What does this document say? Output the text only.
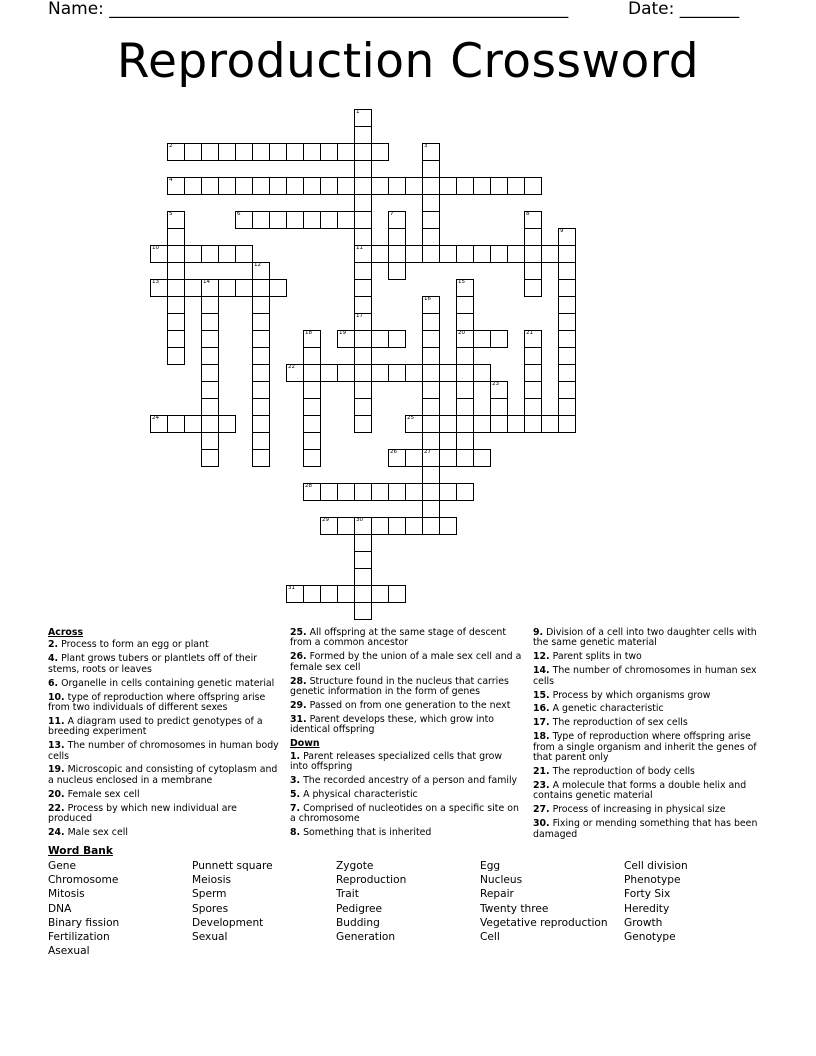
Name: ______________________________________________________	Date: _______
Reproduction Crossword
1
11
17
2	3
4
5	6	7	8
9
10
12
13	14	15
20
16
27
18	19	21
22
23
24	25
26
28
29	30
31
Across
2. Process to form an egg or plant
4. Plant grows tubers or plantlets off of their stems, roots or leaves
6. Organelle in cells containing genetic material
10. type of reproduction where offspring arise from two individuals of different sexes
11. A diagram used to predict genotypes of a breeding experiment
13. The number of chromosomes in human body cells
19. Microscopic and consisting of cytoplasm and a nucleus enclosed in a membrane
20. Female sex cell
22. Process by which new individual are produced
24. Male sex cell
25. All offspring at the same stage of descent from a common ancestor
26. Formed by the union of a male sex cell and a female sex cell
28. Structure found in the nucleus that carries genetic information in the form of genes
29. Passed on from one generation to the next
31. Parent develops these, which grow into identical offspring
Down
1. Parent releases specialized cells that grow into offspring
3. The recorded ancestry of a person and family
5. A physical characteristic
7. Comprised of nucleotides on a specific site on a chromosome
8. Something that is inherited
9. Division of a cell into two daughter cells with the same genetic material
12. Parent splits in two
14. The number of chromosomes in human sex cells
15. Process by which organisms grow
16. A genetic characteristic
17. The reproduction of sex cells
18. Type of reproduction where offspring arise from a single organism and inherit the genes of that parent only
21. The reproduction of body cells
23. A molecule that forms a double helix and contains genetic material
27. Process of increasing in physical size
30. Fixing or mending something that has been damaged
Word Bank
Gene
Chromosome
Mitosis
DNA
Binary fission
Fertilization
Asexual
Punnett square
Meiosis
Sperm
Spores
Development
Sexual
Zygote
Reproduction
Trait
Pedigree
Budding
Generation
Egg
Nucleus
Repair
Twenty three
Vegetative reproduction
Cell
Cell division
Phenotype
Forty Six
Heredity
Growth
Genotype
